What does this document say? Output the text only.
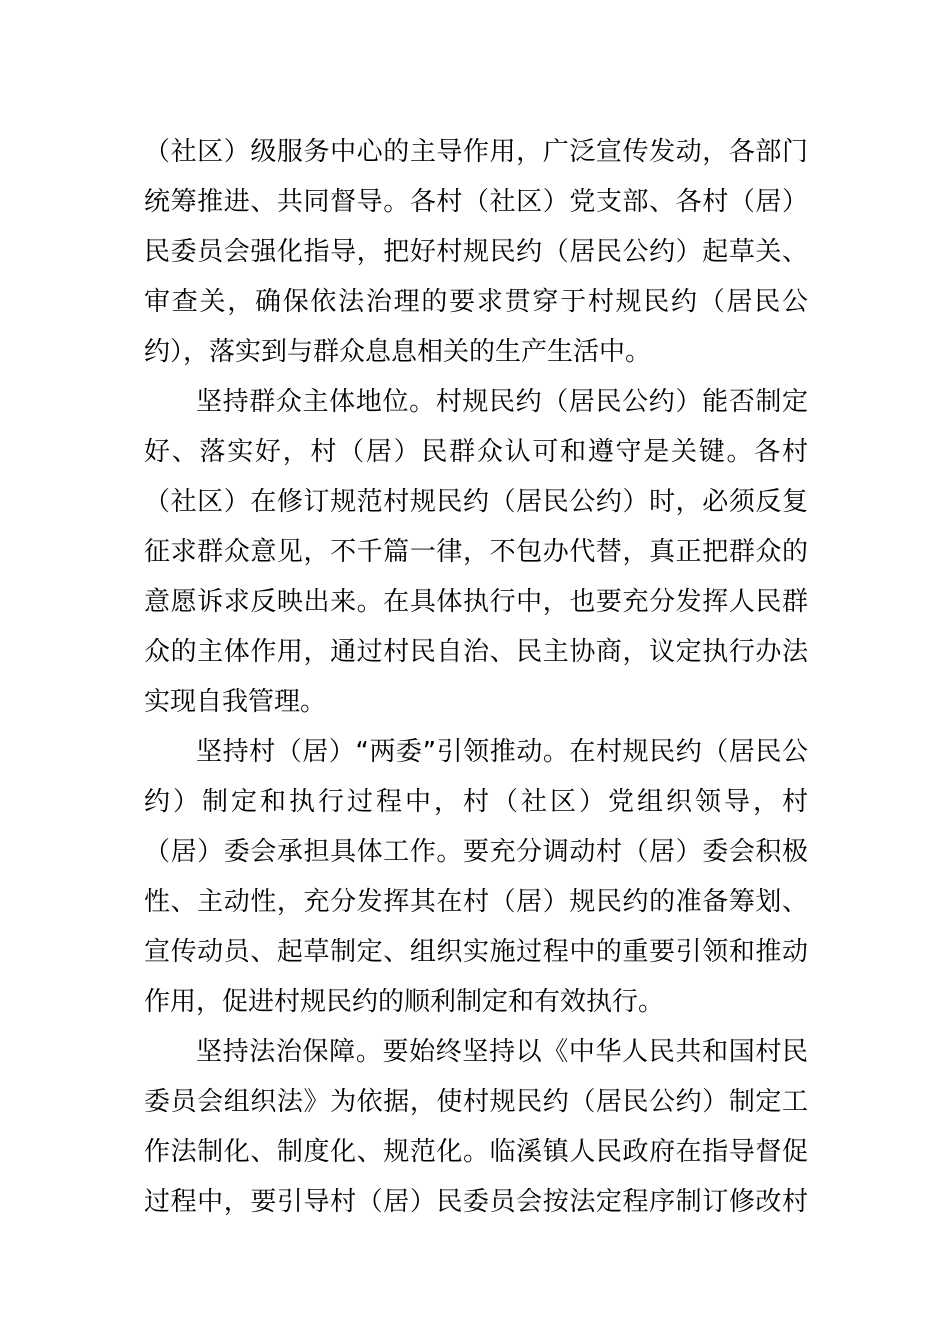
（社区）级服务中心的主导作用，广泛宣传发动，各部门
统筹推进、共同督导。各村（社区）党支部、各村（居）
民委员会强化指导，把好村规民约（居民公约）起草关、
审查关，确保依法治理的要求贯穿于村规民约（居民公
约），落实到与群众息息相关的生产生活中。
坚持群众主体地位。村规民约（居民公约）能否制定
好、落实好，村（居）民群众认可和遵守是关键。各村
（社区）在修订规范村规民约（居民公约）时，必须反复
征求群众意见，不千篇一律，不包办代替，真正把群众的
意愿诉求反映出来。在具体执行中，也要充分发挥人民群
众的主体作用，通过村民自治、民主协商，议定执行办法
实现自我管理。
坚持村（居）“两委”引领推动。在村规民约（居民公
约）制定和执行过程中，村（社区）党组织领导，村
（居）委会承担具体工作。要充分调动村（居）委会积极
性、主动性，充分发挥其在村（居）规民约的准备筹划、
宣传动员、起草制定、组织实施过程中的重要引领和推动
作用，促进村规民约的顺利制定和有效执行。
坚持法治保障。要始终坚持以《中华人民共和国村民
委员会组织法》为依据，使村规民约（居民公约）制定工
作法制化、制度化、规范化。临溪镇人民政府在指导督促
过程中，要引导村（居）民委员会按法定程序制订修改村
